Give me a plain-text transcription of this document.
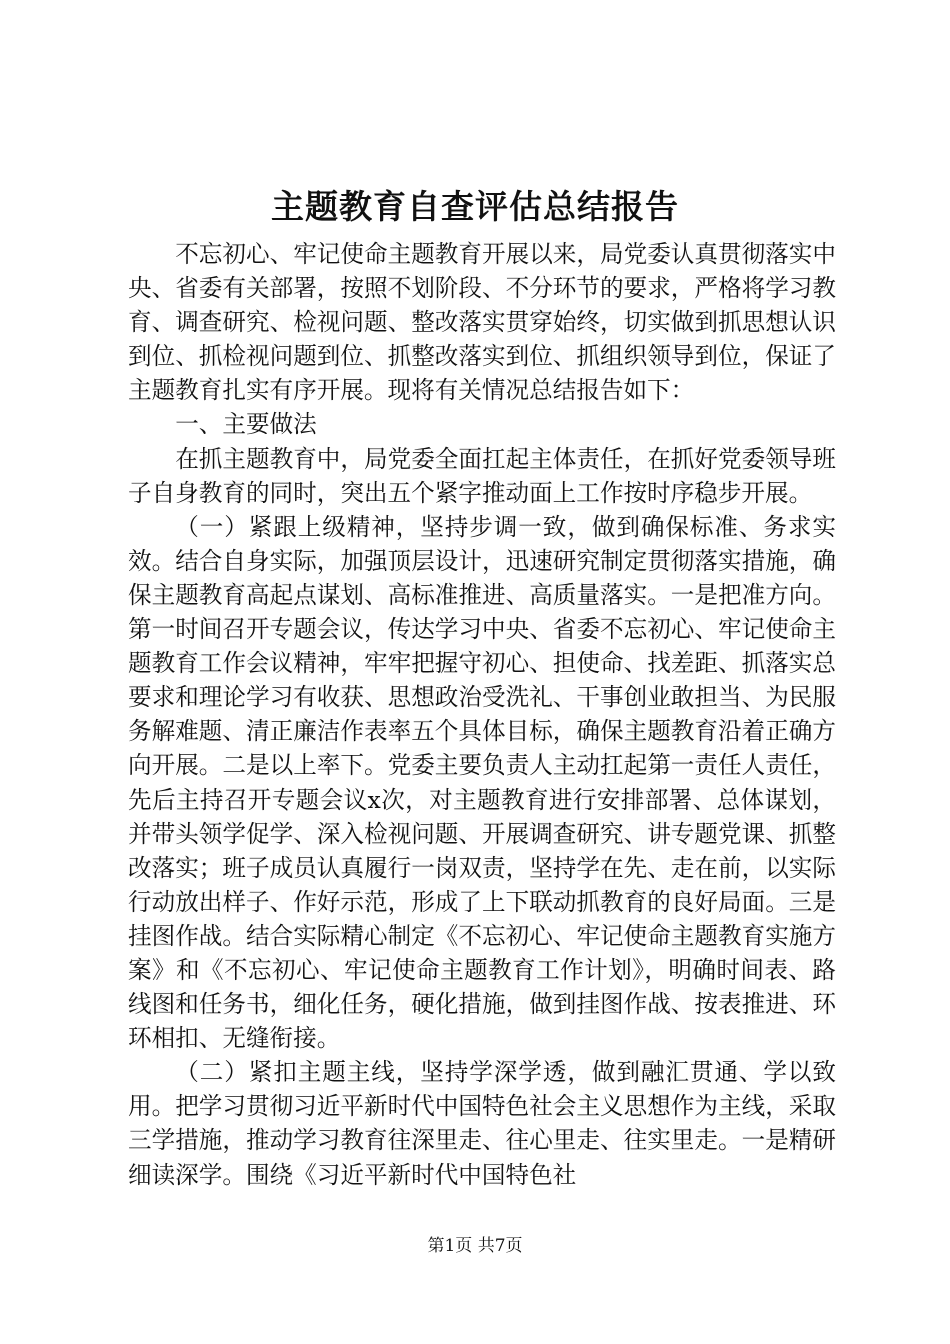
主题教育自查评估总结报告

不忘初心、牢记使命主题教育开展以来，局党委认真贯彻落实中央、省委有关部署，按照不划阶段、不分环节的要求，严格将学习教育、调查研究、检视问题、整改落实贯穿始终，切实做到抓思想认识到位、抓检视问题到位、抓整改落实到位、抓组织领导到位，保证了主题教育扎实有序开展。现将有关情况总结报告如下：

一、主要做法

在抓主题教育中，局党委全面扛起主体责任，在抓好党委领导班子自身教育的同时，突出五个紧字推动面上工作按时序稳步开展。

（一）紧跟上级精神，坚持步调一致，做到确保标准、务求实效。结合自身实际，加强顶层设计，迅速研究制定贯彻落实措施，确保主题教育高起点谋划、高标准推进、高质量落实。一是把准方向。第一时间召开专题会议，传达学习中央、省委不忘初心、牢记使命主题教育工作会议精神，牢牢把握守初心、担使命、找差距、抓落实总要求和理论学习有收获、思想政治受洗礼、干事创业敢担当、为民服务解难题、清正廉洁作表率五个具体目标，确保主题教育沿着正确方向开展。二是以上率下。党委主要负责人主动扛起第一责任人责任，先后主持召开专题会议x次，对主题教育进行安排部署、总体谋划，并带头领学促学、深入检视问题、开展调查研究、讲专题党课、抓整改落实；班子成员认真履行一岗双责，坚持学在先、走在前，以实际行动放出样子、作好示范，形成了上下联动抓教育的良好局面。三是挂图作战。结合实际精心制定《不忘初心、牢记使命主题教育实施方案》和《不忘初心、牢记使命主题教育工作计划》，明确时间表、路线图和任务书，细化任务，硬化措施，做到挂图作战、按表推进、环环相扣、无缝衔接。

（二）紧扣主题主线，坚持学深学透，做到融汇贯通、学以致用。把学习贯彻习近平新时代中国特色社会主义思想作为主线，采取三学措施，推动学习教育往深里走、往心里走、往实里走。一是精研细读深学。围绕《习近平新时代中国特色社

第1页 共7页
